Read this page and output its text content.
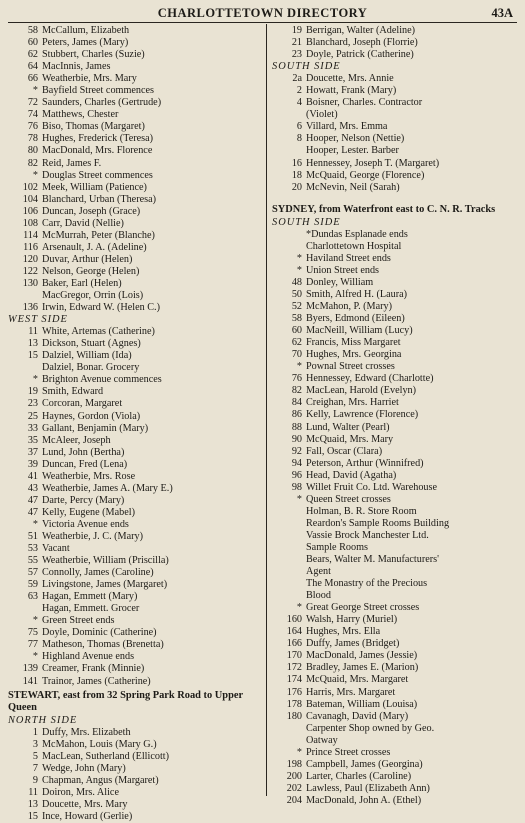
CHARLOTTETOWN DIRECTORY	43A
58 McCallum, Elizabeth
60 Peters, James (Mary)
62 Stubbert, Charles (Suzie)
64 MacInnis, James
66 Weatherbie, Mrs. Mary
* Bayfield Street commences
72 Saunders, Charles (Gertrude)
74 Matthews, Chester
76 Biso, Thomas (Margaret)
78 Hughes, Frederick (Teresa)
80 MacDonald, Mrs. Florence
82 Reid, James F.
* Douglas Street commences
102 Meek, William (Patience)
104 Blanchard, Urban (Theresa)
106 Duncan, Joseph (Grace)
108 Carr, David (Nellie)
114 McMurrah, Peter (Blanche)
116 Arsenault, J. A. (Adeline)
120 Duvar, Arthur (Helen)
122 Nelson, George (Helen)
130 Baker, Earl (Helen)
MacGregor, Orrin (Lois)
136 Irwin, Edward W. (Helen C.)
WEST SIDE
11 White, Artemas (Catherine)
13 Dickson, Stuart (Agnes)
15 Dalziel, William (Ida)
Dalziel, Bonar. Grocery
* Brighton Avenue commences
19 Smith, Edward
23 Corcoran, Margaret
25 Haynes, Gordon (Viola)
33 Gallant, Benjamin (Mary)
35 McAleer, Joseph
37 Lund, John (Bertha)
39 Duncan, Fred (Lena)
41 Weatherbie, Mrs. Rose
43 Weatherbie, James A. (Mary E.)
47 Darte, Percy (Mary)
47 Kelly, Eugene (Mabel)
* Victoria Avenue ends
51 Weatherbie, J. C. (Mary)
53 Vacant
55 Weatherbie, William (Priscilla)
57 Connolly, James (Caroline)
59 Livingstone, James (Margaret)
63 Hagan, Emmett (Mary)
Hagan, Emmett. Grocer
* Green Street ends
75 Doyle, Dominic (Catherine)
77 Matheson, Thomas (Brenetta)
* Highland Avenue ends
139 Creamer, Frank (Minnie)
141 Trainor, James (Catherine)
STEWART, east from 32 Spring Park Road to Upper Queen
NORTH SIDE
1 Duffy, Mrs. Elizabeth
3 McMahon, Louis (Mary G.)
5 MacLean, Sutherland (Ellicott)
7 Wedge, John (Mary)
9 Chapman, Angus (Margaret)
11 Doiron, Mrs. Alice
13 Doucette, Mrs. Mary
15 Ince, Howard (Gerlie)
19 Berrigan, Walter (Adeline)
21 Blanchard, Joseph (Florrie)
23 Doyle, Patrick (Catherine)
SOUTH SIDE
2a Doucette, Mrs. Annie
2 Howatt, Frank (Mary)
4 Boisner, Charles. Contractor
(Violet)
6 Villard, Mrs. Emma
8 Hooper, Nelson (Nettie)
Hooper, Lester. Barber
16 Hennessey, Joseph T. (Margaret)
18 McQuaid, George (Florence)
20 McNevin, Neil (Sarah)
SYDNEY, from Waterfront east to C. N. R. Tracks
SOUTH SIDE
*Dundas Esplanade ends
Charlottetown Hospital
* Haviland Street ends
* Union Street ends
48 Donley, William
50 Smith, Alfred H. (Laura)
52 McMahon, P. (Mary)
58 Byers, Edmond (Eileen)
60 MacNeill, William (Lucy)
62 Francis, Miss Margaret
70 Hughes, Mrs. Georgina
* Pownal Street crosses
76 Hennessey, Edward (Charlotte)
82 MacLean, Harold (Evelyn)
84 Creighan, Mrs. Harriet
86 Kelly, Lawrence (Florence)
88 Lund, Walter (Pearl)
90 McQuaid, Mrs. Mary
92 Fall, Oscar (Clara)
94 Peterson, Arthur (Winnifred)
96 Head, David (Agatha)
98 Willet Fruit Co. Ltd. Warehouse
* Queen Street crosses
Holman, B. R. Store Room
Reardon's Sample Rooms Building
Vassie Brock Manchester Ltd.
Sample Rooms
Bears, Walter M. Manufacturers'
Agent
The Monastry of the Precious
Blood
* Great George Street crosses
160 Walsh, Harry (Muriel)
164 Hughes, Mrs. Ella
166 Duffy, James (Bridget)
170 MacDonald, James (Jessie)
172 Bradley, James E. (Marion)
174 McQuaid, Mrs. Margaret
176 Harris, Mrs. Margaret
178 Bateman, William (Louisa)
180 Cavanagh, David (Mary)
Carpenter Shop owned by Geo.
Oatway
* Prince Street crosses
198 Campbell, James (Georgina)
200 Larter, Charles (Caroline)
202 Lawless, Paul (Elizabeth Ann)
204 MacDonald, John A. (Ethel)
